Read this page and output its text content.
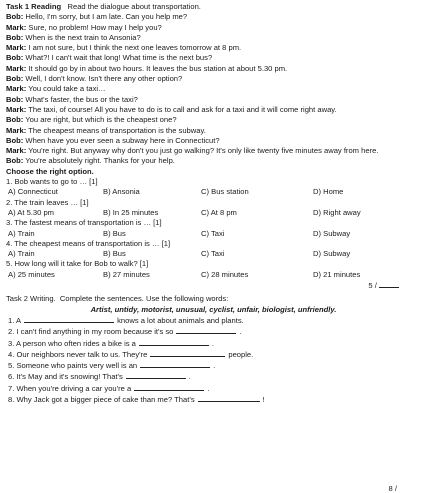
Task 1 Reading Read the dialogue about transportation.
Bob: Hello, I'm sorry, but I am late. Can you help me?
Mark: Sure, no problem! How may I help you?
Bob: When is the next train to Ansonia?
Mark: I am not sure, but I think the next one leaves tomorrow at 8 pm.
Bob: What?! I can't wait that long! What time is the next bus?
Mark: It should go by in about two hours. It leaves the bus station at about 5.30 pm.
Bob: Well, I don't know. Isn't there any other option?
Mark: You could take a taxi…
Bob: What's faster, the bus or the taxi?
Mark: The taxi, of course! All you have to do is to call and ask for a taxi and it will come right away.
Bob: You are right, but which is the cheapest one?
Mark: The cheapest means of transportation is the subway.
Bob: When have you ever seen a subway here in Connecticut?
Mark: You're right. But anyway why don't you just go walking? It's only like twenty five minutes away from here.
Bob: You're absolutely right. Thanks for your help.
Choose the right option.
1. Bob wants to go to … [1]
A) Connecticut	B) Ansonia	C) Bus station	D) Home
2. The train leaves … [1]
A) At 5.30 pm	B) In 25 minutes	C) At 8 pm	D) Right away
3. The fastest means of transportation is … [1]
A) Train	B) Bus	C) Taxi	D) Subway
4. The cheapest means of transportation is … [1]
A) Train	B) Bus	C) Taxi	D) Subway
5. How long will it take for Bob to walk? [1]
A) 25 minutes	B) 27 minutes	C) 28 minutes	D) 21 minutes
5 /
Task 2 Writing. Complete the sentences. Use the following words:
Artist, untidy, motorist, unusual, cyclist, unfair, biologist, unfriendly.
1. A	knows a lot about animals and plants.
2. I can't find anything in my room because it's so	.
3. A person who often rides a bike is a	.
4. Our neighbors never talk to us. They're	people.
5. Someone who paints very well is an	.
6. It's May and it's snowing! That's	.
7. When you're driving a car you're a	.
8. Why Jack got a bigger piece of cake than me? That's	!
8 /
